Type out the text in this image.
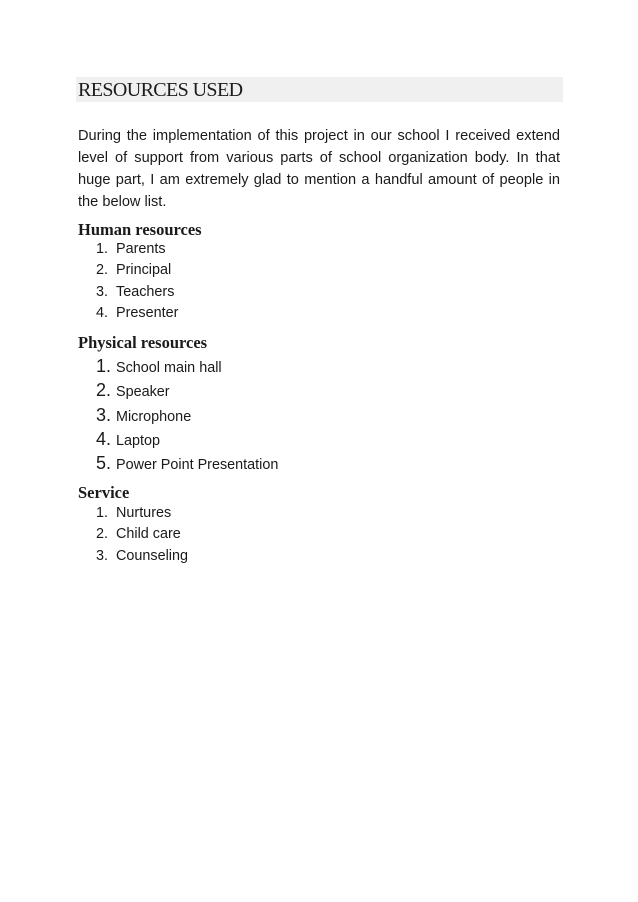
RESOURCES USED

During the implementation of this project in our school I received extend level of support from various parts of school organization body. In that huge part, I am extremely glad to mention a handful amount of people in the below list.

Human resources
1. Parents
2. Principal
3. Teachers
4. Presenter
Physical resources
1. School main hall
2. Speaker
3. Microphone
4. Laptop
5. Power Point Presentation
Service
1. Nurtures
2. Child care
3. Counseling
